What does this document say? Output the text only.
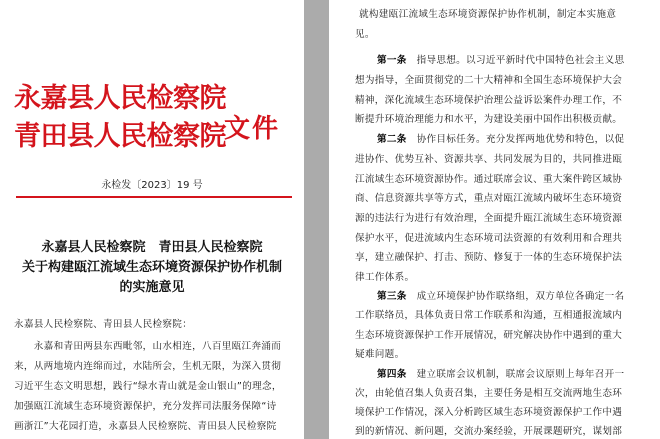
永嘉县人民检察院
青田县人民检察院
文件
永检发〔2023〕19 号
永嘉县人民检察院　青田县人民检察院
关于构建瓯江流域生态环境资源保护协作机制
的实施意见
永嘉县人民检察院、青田县人民检察院：
　　永嘉和青田两县东西毗邻，山水相连，八百里瓯江奔涌而
来，从两地境内连绵而过，水陆所会，生机无限，为深入贯彻
习近平生态文明思想，践行“绿水青山就是金山银山”的理念，
加强瓯江流域生态环境资源保护，充分发挥司法服务保障“诗
画浙江”大花园打造，永嘉县人民检察院、青田县人民检察院
就构建瓯江流域生态环境资源保护协作机制，制定本实施意
见。
第一条　 指导思想。以习近平新时代中国特色社会主义思
想为指导，全面贯彻党的二十大精神和全国生态环境保护大会
精神，深化流域生态环境保护治理公益诉讼案件办理工作，不
断提升环境治理能力和水平，为建设美丽中国作出积极贡献。
第二条　 协作目标任务。充分发挥两地优势和特色，以促
进协作、优势互补、资源共享、共同发展为目的，共同推进瓯
江流域生态环境资源协作。通过联席会议、重大案件跨区域协
商、信息资源共享等方式，重点对瓯江流域内破坏生态环境资
源的违法行为进行有效治理，全面提升瓯江流域生态环境资源
保护水平，促进流域内生态环境司法资源的有效利用和合理共
享，建立融保护、打击、预防、修复于一体的生态环境保护法
律工作体系。
第三条　 成立环境保护协作联络组，双方单位各确定一名
工作联络员，具体负责日常工作联系和沟通，互相通报流域内
生态环境资源保护工作开展情况，研究解决协作中遇到的重大
疑难问题。
第四条　 建立联席会议机制，联席会议原则上每年召开一
次，由轮值召集人负责召集，主要任务是相互交流两地生态环
境保护工作情况，深入分析跨区域生态环境资源保护工作中遇
到的新情况、新问题，交流办案经验，开展课题研究，谋划部
